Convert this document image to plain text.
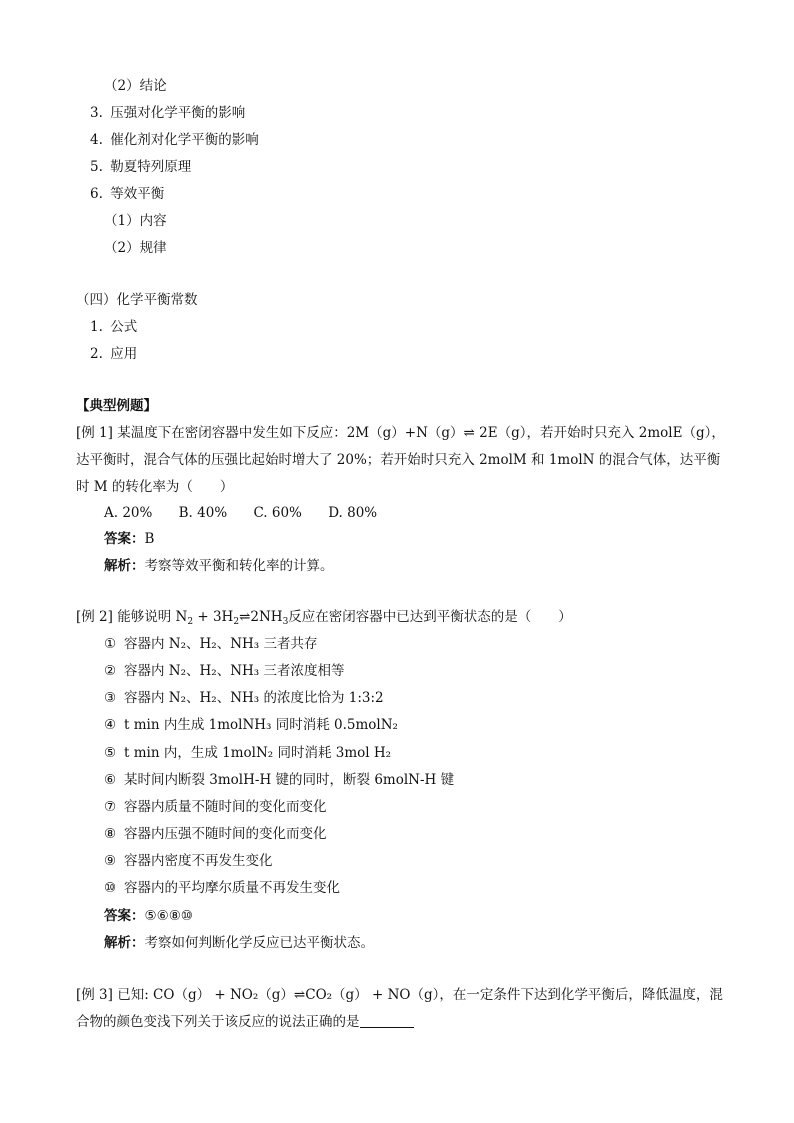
（2）结论
3. 压强对化学平衡的影响
4. 催化剂对化学平衡的影响
5. 勒夏特列原理
6. 等效平衡
（1）内容
（2）规律
（四）化学平衡常数
1. 公式
2. 应用
【典型例题】
[例 1] 某温度下在密闭容器中发生如下反应：2M（g）+N（g）⇌ 2E（g），若开始时只充入 2molE（g），
达平衡时，混合气体的压强比起始时增大了 20%；若开始时只充入 2molM 和 1molN 的混合气体，达平衡
时 M 的转化率为（　　）
A. 20% B. 40% C. 60% D. 80%
答案：B
解析：考察等效平衡和转化率的计算。
[例 2] 能够说明 $N_2$ + $3H_2\rightleftharpoons 2NH_3$反应在密闭容器中已达到平衡状态的是（　　）
① 容器内 N₂、H₂、NH₃ 三者共存
② 容器内 N₂、H₂、NH₃ 三者浓度相等
③ 容器内 N₂、H₂、NH₃ 的浓度比恰为 1:3:2
④ t min 内生成 1molNH₃ 同时消耗 0.5molN₂
⑤ t min 内，生成 1molN₂ 同时消耗 3mol H₂
⑥ 某时间内断裂 3molH-H 键的同时，断裂 6molN-H 键
⑦ 容器内质量不随时间的变化而变化
⑧ 容器内压强不随时间的变化而变化
⑨ 容器内密度不再发生变化
⑩ 容器内的平均摩尔质量不再发生变化
答案：⑤⑥⑧⑩
解析：考察如何判断化学反应已达平衡状态。
[例 3] 已知: CO（g） + NO₂（g）⇌CO₂（g） + NO（g），在一定条件下达到化学平衡后，降低温度，混
合物的颜色变浅下列关于该反应的说法正确的是
